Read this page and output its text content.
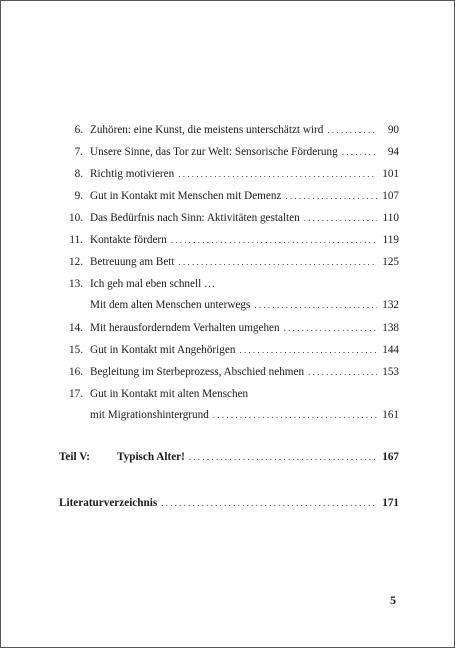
6. Zuhören: eine Kunst, die meistens unterschätzt wird . . .	90
7. Unsere Sinne, das Tor zur Welt: Sensorische Förderung . . .	94
8. Richtig motivieren . . .	101
9. Gut in Kontakt mit Menschen mit Demenz . . .	107
10. Das Bedürfnis nach Sinn: Aktivitäten gestalten . . .	110
11. Kontakte fördern . . .	119
12. Betreuung am Bett . . .	125
13. Ich geh mal eben schnell …
Mit dem alten Menschen unterwegs . . .	132
14. Mit herausforderndem Verhalten umgehen . . .	138
15. Gut in Kontakt mit Angehörigen . . .	144
16. Begleitung im Sterbeprozess, Abschied nehmen . . .	153
17. Gut in Kontakt mit alten Menschen
mit Migrationshintergrund . . .	161
Teil V:	Typisch Alter! . . .	167
Literaturverzeichnis . . .	171
5
